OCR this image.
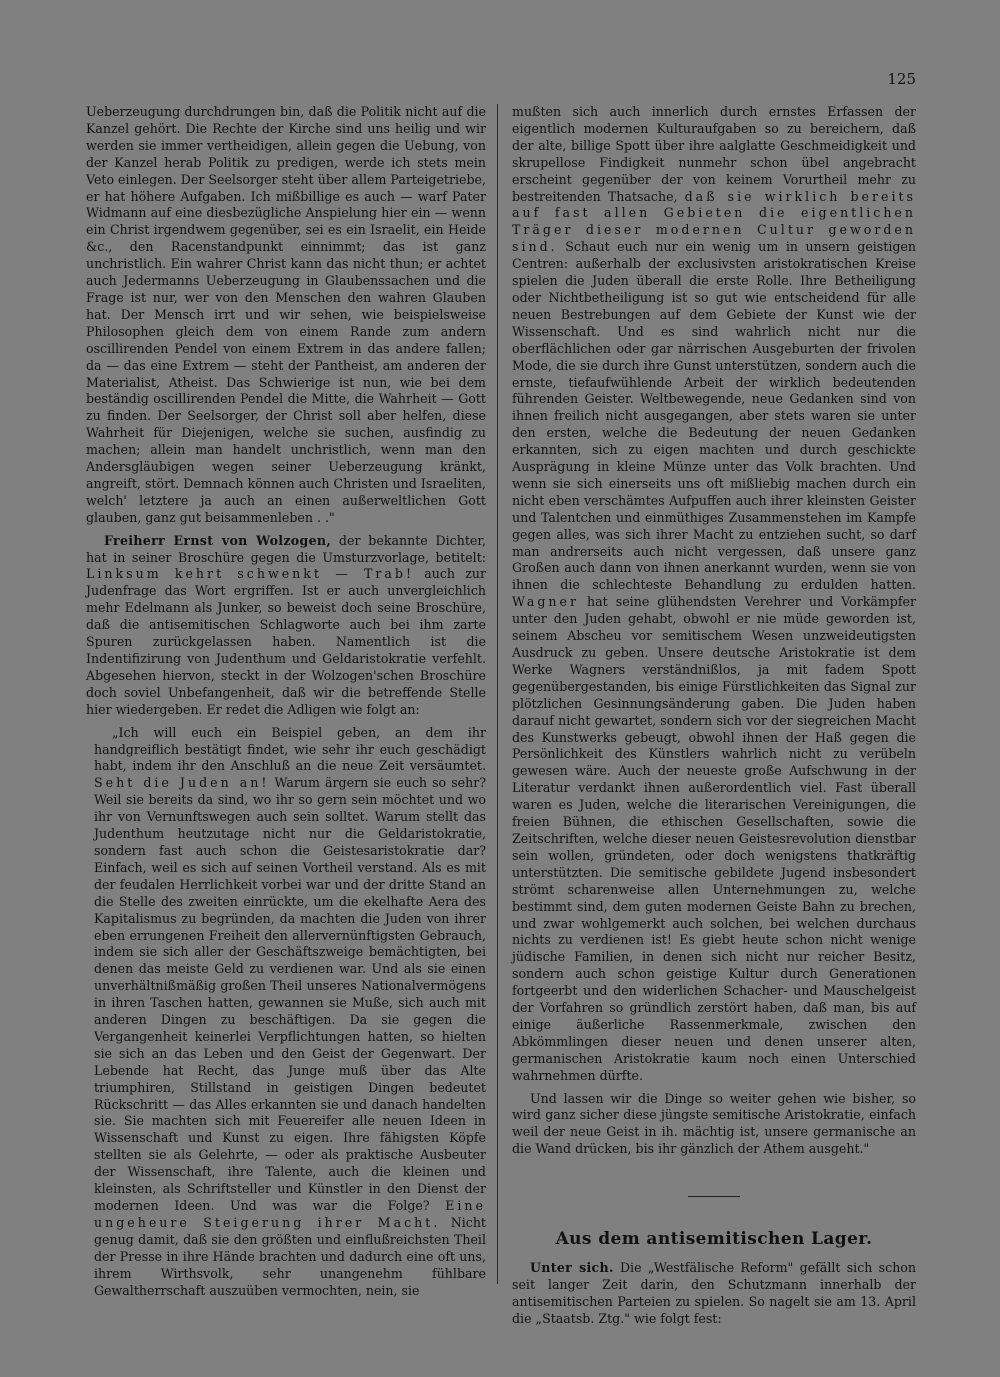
125

Ueberzeugung durchdrungen bin, daß die Politik nicht auf die Kanzel gehört. Die Rechte der Kirche sind uns heilig und wir werden sie immer vertheidigen, allein gegen die Uebung, von der Kanzel herab Politik zu predigen, werde ich stets mein Veto einlegen. Der Seelsorger steht über allem Parteigetriebe, er hat höhere Aufgaben. Ich mißbillige es auch — warf Pater Widmann auf eine diesbezügliche Anspielung hier ein — wenn ein Christ irgendwem gegenüber, sei es ein Israelit, ein Heide &c., den Racenstandpunkt einnimmt; das ist ganz unchristlich. Ein wahrer Christ kann das nicht thun; er achtet auch Jedermanns Ueberzeugung in Glaubenssachen und die Frage ist nur, wer von den Menschen den wahren Glauben hat. Der Mensch irrt und wir sehen, wie beispielsweise Philosophen gleich dem von einem Rande zum andern oscillirenden Pendel von einem Extrem in das andere fallen; da — das eine Extrem — steht der Pantheist, am anderen der Materialist, Atheist. Das Schwierige ist nun, wie bei dem beständig oscillirenden Pendel die Mitte, die Wahrheit — Gott zu finden. Der Seelsorger, der Christ soll aber helfen, diese Wahrheit für Diejenigen, welche sie suchen, ausfindig zu machen; allein man handelt unchristlich, wenn man den Andersgläubigen wegen seiner Ueberzeugung kränkt, angreift, stört. Demnach können auch Christen und Israeliten, welch' letztere ja auch an einen außerweltlichen Gott glauben, ganz gut beisammenleben . ."

Freiherr Ernst von Wolzogen, der bekannte Dichter, hat in seiner Broschüre gegen die Umsturzvorlage, betitelt: Linksum kehrt schwenkt — Trab! auch zur Judenfrage das Wort ergriffen. Ist er auch unvergleichlich mehr Edelmann als Junker, so beweist doch seine Broschüre, daß die antisemitischen Schlagworte auch bei ihm zarte Spuren zurückgelassen haben. Namentlich ist die Indentifizirung von Judenthum und Geldaristokratie verfehlt. Abgesehen hiervon, steckt in der Wolzogen'schen Broschüre doch soviel Unbefangenheit, daß wir die betreffende Stelle hier wiedergeben. Er redet die Adligen wie folgt an:

„Ich will euch ein Beispiel geben, an dem ihr handgreiflich bestätigt findet, wie sehr ihr euch geschädigt habt, indem ihr den Anschluß an die neue Zeit versäumtet. Seht die Juden an! Warum ärgern sie euch so sehr? Weil sie bereits da sind, wo ihr so gern sein möchtet und wo ihr von Vernunftswegen auch sein solltet. Warum stellt das Judenthum heutzutage nicht nur die Geldaristokratie, sondern fast auch schon die Geistesaristokratie dar? Einfach, weil es sich auf seinen Vortheil verstand. Als es mit der feudalen Herrlichkeit vorbei war und der dritte Stand an die Stelle des zweiten einrückte, um die ekelhafte Aera des Kapitalismus zu begründen, da machten die Juden von ihrer eben errungenen Freiheit den allervernünftigsten Gebrauch, indem sie sich aller der Geschäftszweige bemächtigten, bei denen das meiste Geld zu verdienen war. Und als sie einen unverhältnißmäßig großen Theil unseres Nationalvermögens in ihren Taschen hatten, gewannen sie Muße, sich auch mit anderen Dingen zu beschäftigen. Da sie gegen die Vergangenheit keinerlei Verpflichtungen hatten, so hielten sie sich an das Leben und den Geist der Gegenwart. Der Lebende hat Recht, das Junge muß über das Alte triumphiren, Stillstand in geistigen Dingen bedeutet Rückschritt — das Alles erkannten sie und danach handelten sie. Sie machten sich mit Feuereifer alle neuen Ideen in Wissenschaft und Kunst zu eigen. Ihre fähigsten Köpfe stellten sie als Gelehrte, — oder als praktische Ausbeuter der Wissenschaft, ihre Talente, auch die kleinen und kleinsten, als Schriftsteller und Künstler in den Dienst der modernen Ideen. Und was war die Folge? Eine ungeheure Steigerung ihrer Macht. Nicht genug damit, daß sie den größten und einflußreichsten Theil der Presse in ihre Hände brachten und dadurch eine oft uns, ihrem Wirthsvolk, sehr unangenehm fühlbare Gewaltherrschaft auszuüben vermochten, nein, sie

mußten sich auch innerlich durch ernstes Erfassen der eigentlich modernen Kulturaufgaben so zu bereichern, daß der alte, billige Spott über ihre aalglatte Geschmeidigkeit und skrupellose Findigkeit nunmehr schon übel angebracht erscheint gegenüber der von keinem Vorurtheil mehr zu bestreitenden Thatsache, daß sie wirklich bereits auf fast allen Gebieten die eigentlichen Träger dieser modernen Cultur geworden sind. Schaut euch nur ein wenig um in unsern geistigen Centren: außerhalb der exclusivsten aristokratischen Kreise spielen die Juden überall die erste Rolle. Ihre Betheiligung oder Nichtbetheiligung ist so gut wie entscheidend für alle neuen Bestrebungen auf dem Gebiete der Kunst wie der Wissenschaft. Und es sind wahrlich nicht nur die oberflächlichen oder gar närrischen Ausgeburten der frivolen Mode, die sie durch ihre Gunst unterstützen, sondern auch die ernste, tiefaufwühlende Arbeit der wirklich bedeutenden führenden Geister. Weltbewegende, neue Gedanken sind von ihnen freilich nicht ausgegangen, aber stets waren sie unter den ersten, welche die Bedeutung der neuen Gedanken erkannten, sich zu eigen machten und durch geschickte Ausprägung in kleine Münze unter das Volk brachten. Und wenn sie sich einerseits uns oft mißliebig machen durch ein nicht eben verschämtes Aufpuffen auch ihrer kleinsten Geister und Talentchen und einmüthiges Zusammenstehen im Kampfe gegen alles, was sich ihrer Macht zu entziehen sucht, so darf man andrerseits auch nicht vergessen, daß unsere ganz Großen auch dann von ihnen anerkannt wurden, wenn sie von ihnen die schlechteste Behandlung zu erdulden hatten. Wagner hat seine glühendsten Verehrer und Vorkämpfer unter den Juden gehabt, obwohl er nie müde geworden ist, seinem Abscheu vor semitischem Wesen unzweideutigsten Ausdruck zu geben. Unsere deutsche Aristokratie ist dem Werke Wagners verständnißlos, ja mit fadem Spott gegenübergestanden, bis einige Fürstlichkeiten das Signal zur plötzlichen Gesinnungsänderung gaben. Die Juden haben darauf nicht gewartet, sondern sich vor der siegreichen Macht des Kunstwerks gebeugt, obwohl ihnen der Haß gegen die Persönlichkeit des Künstlers wahrlich nicht zu verübeln gewesen wäre. Auch der neueste große Aufschwung in der Literatur verdankt ihnen außerordentlich viel. Fast überall waren es Juden, welche die literarischen Vereinigungen, die freien Bühnen, die ethischen Gesellschaften, sowie die Zeitschriften, welche dieser neuen Geistesrevolution dienstbar sein wollen, gründeten, oder doch wenigstens thatkräftig unterstützten. Die semitische gebildete Jugend insbesondert strömt scharenweise allen Unternehmungen zu, welche bestimmt sind, dem guten modernen Geiste Bahn zu brechen, und zwar wohlgemerkt auch solchen, bei welchen durchaus nichts zu verdienen ist! Es giebt heute schon nicht wenige jüdische Familien, in denen sich nicht nur reicher Besitz, sondern auch schon geistige Kultur durch Generationen fortgeerbt und den widerlichen Schacher- und Mauschelgeist der Vorfahren so gründlich zerstört haben, daß man, bis auf einige äußerliche Rassenmerkmale, zwischen den Abkömmlingen dieser neuen und denen unserer alten, germanischen Aristokratie kaum noch einen Unterschied wahrnehmen dürfte.

Und lassen wir die Dinge so weiter gehen wie bisher, so wird ganz sicher diese jüngste semitische Aristokratie, einfach weil der neue Geist in ih. mächtig ist, unsere germanische an die Wand drücken, bis ihr gänzlich der Athem ausgeht."

Aus dem antisemitischen Lager.

Unter sich. Die „Westfälische Reform" gefällt sich schon seit langer Zeit darin, den Schutzmann innerhalb der antisemitischen Parteien zu spielen. So nagelt sie am 13. April die „Staatsb. Ztg." wie folgt fest:
